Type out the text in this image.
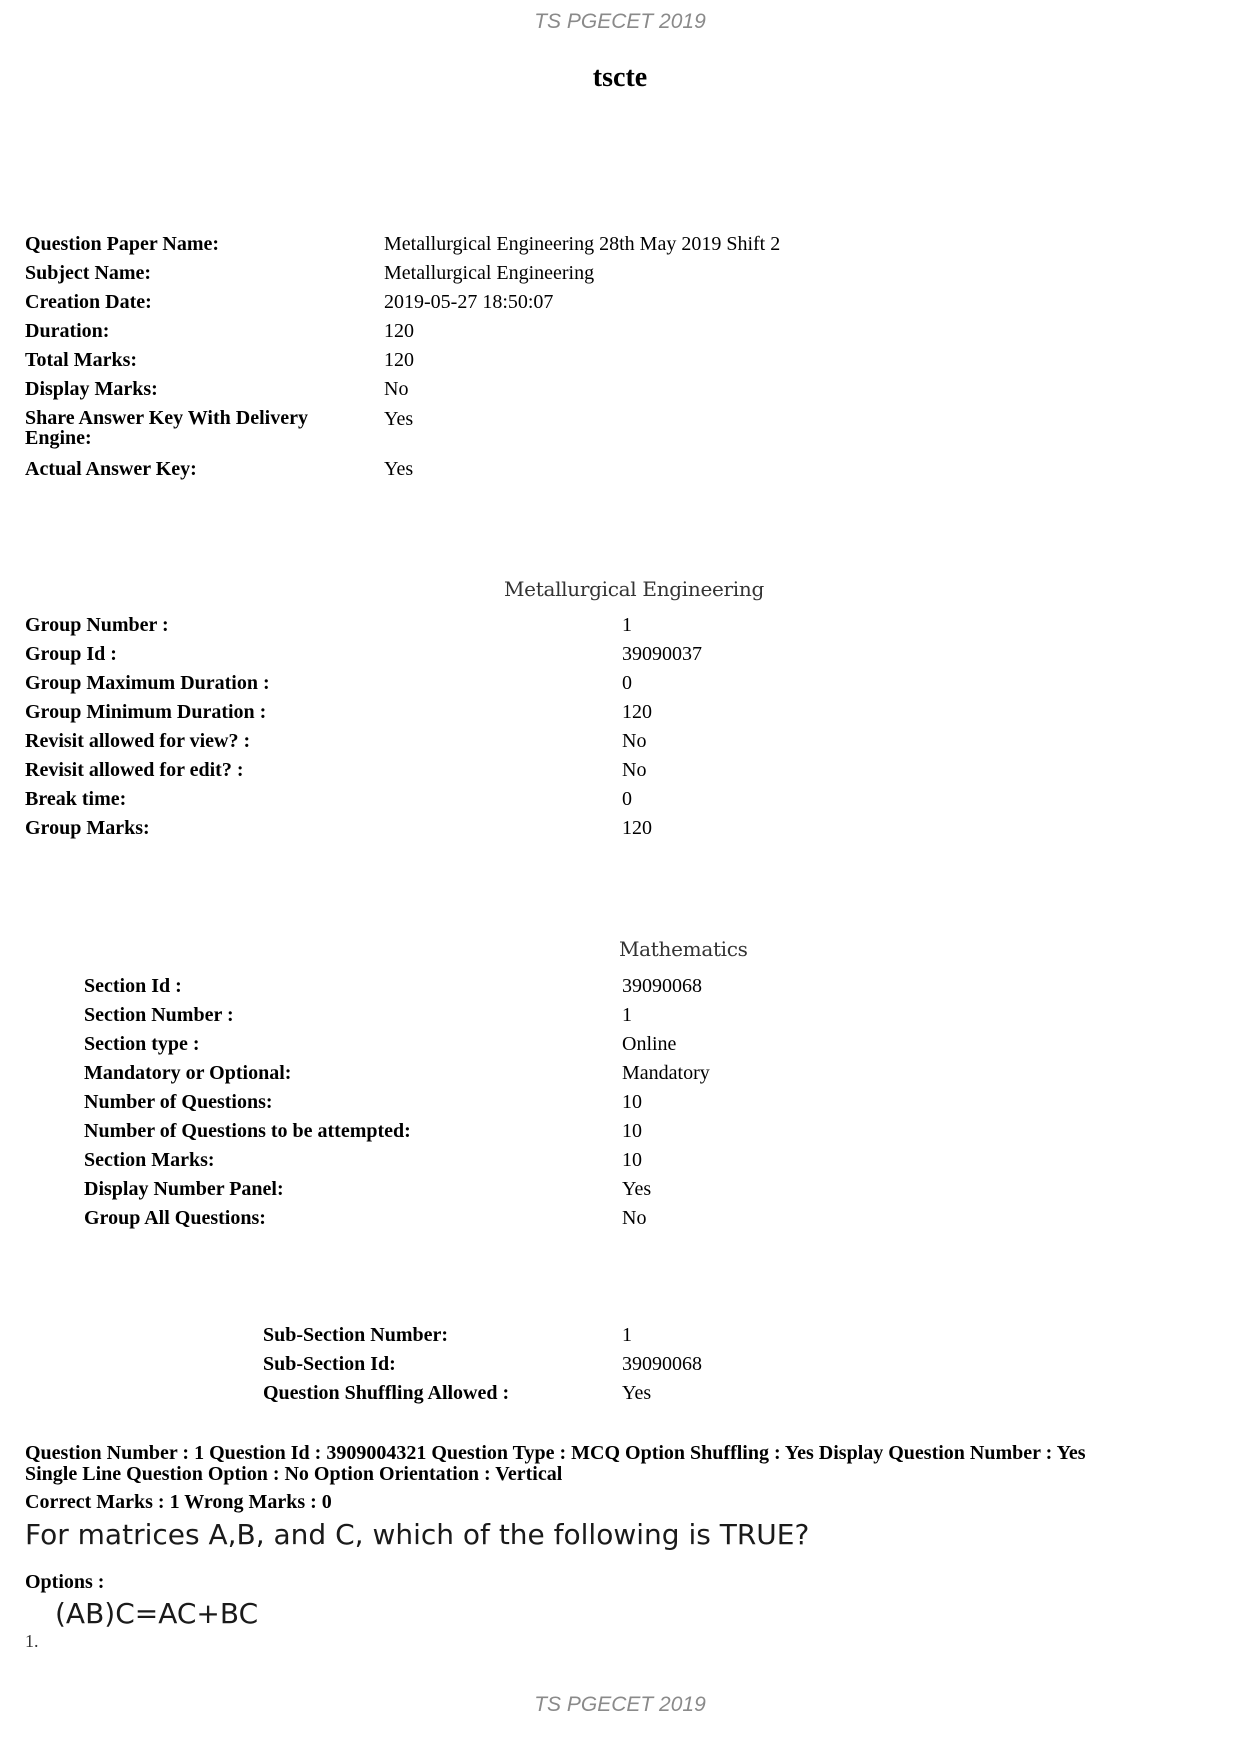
TS PGECET 2019
tscte
Question Paper Name:	Metallurgical Engineering 28th May 2019 Shift 2
Subject Name:	Metallurgical Engineering
Creation Date:	2019-05-27 18:50:07
Duration:	120
Total Marks:	120
Display Marks:	No
Share Answer Key With Delivery Engine:
Yes
Actual Answer Key:	Yes
Metallurgical Engineering
Group Number :	1
Group Id :	39090037
Group Maximum Duration :	0
Group Minimum Duration :	120
Revisit allowed for view? :	No
Revisit allowed for edit? :	No
Break time:	0
Group Marks:	120
Mathematics
Section Id :	39090068
Section Number :	1
Section type :	Online
Mandatory or Optional:	Mandatory
Number of Questions:	10
Number of Questions to be attempted:	10
Section Marks:	10
Display Number Panel:	Yes
Group All Questions:	No
Sub-Section Number:	1
Sub-Section Id:	39090068
Question Shuffling Allowed :	Yes
Question Number : 1 Question Id : 3909004321 Question Type : MCQ Option Shuffling : Yes Display Question Number : Yes
Single Line Question Option : No Option Orientation : Vertical
Correct Marks : 1 Wrong Marks : 0
For matrices A,B, and C, which of the following is TRUE?
Options :
1.
(AB)C=AC+BC
TS PGECET 2019
